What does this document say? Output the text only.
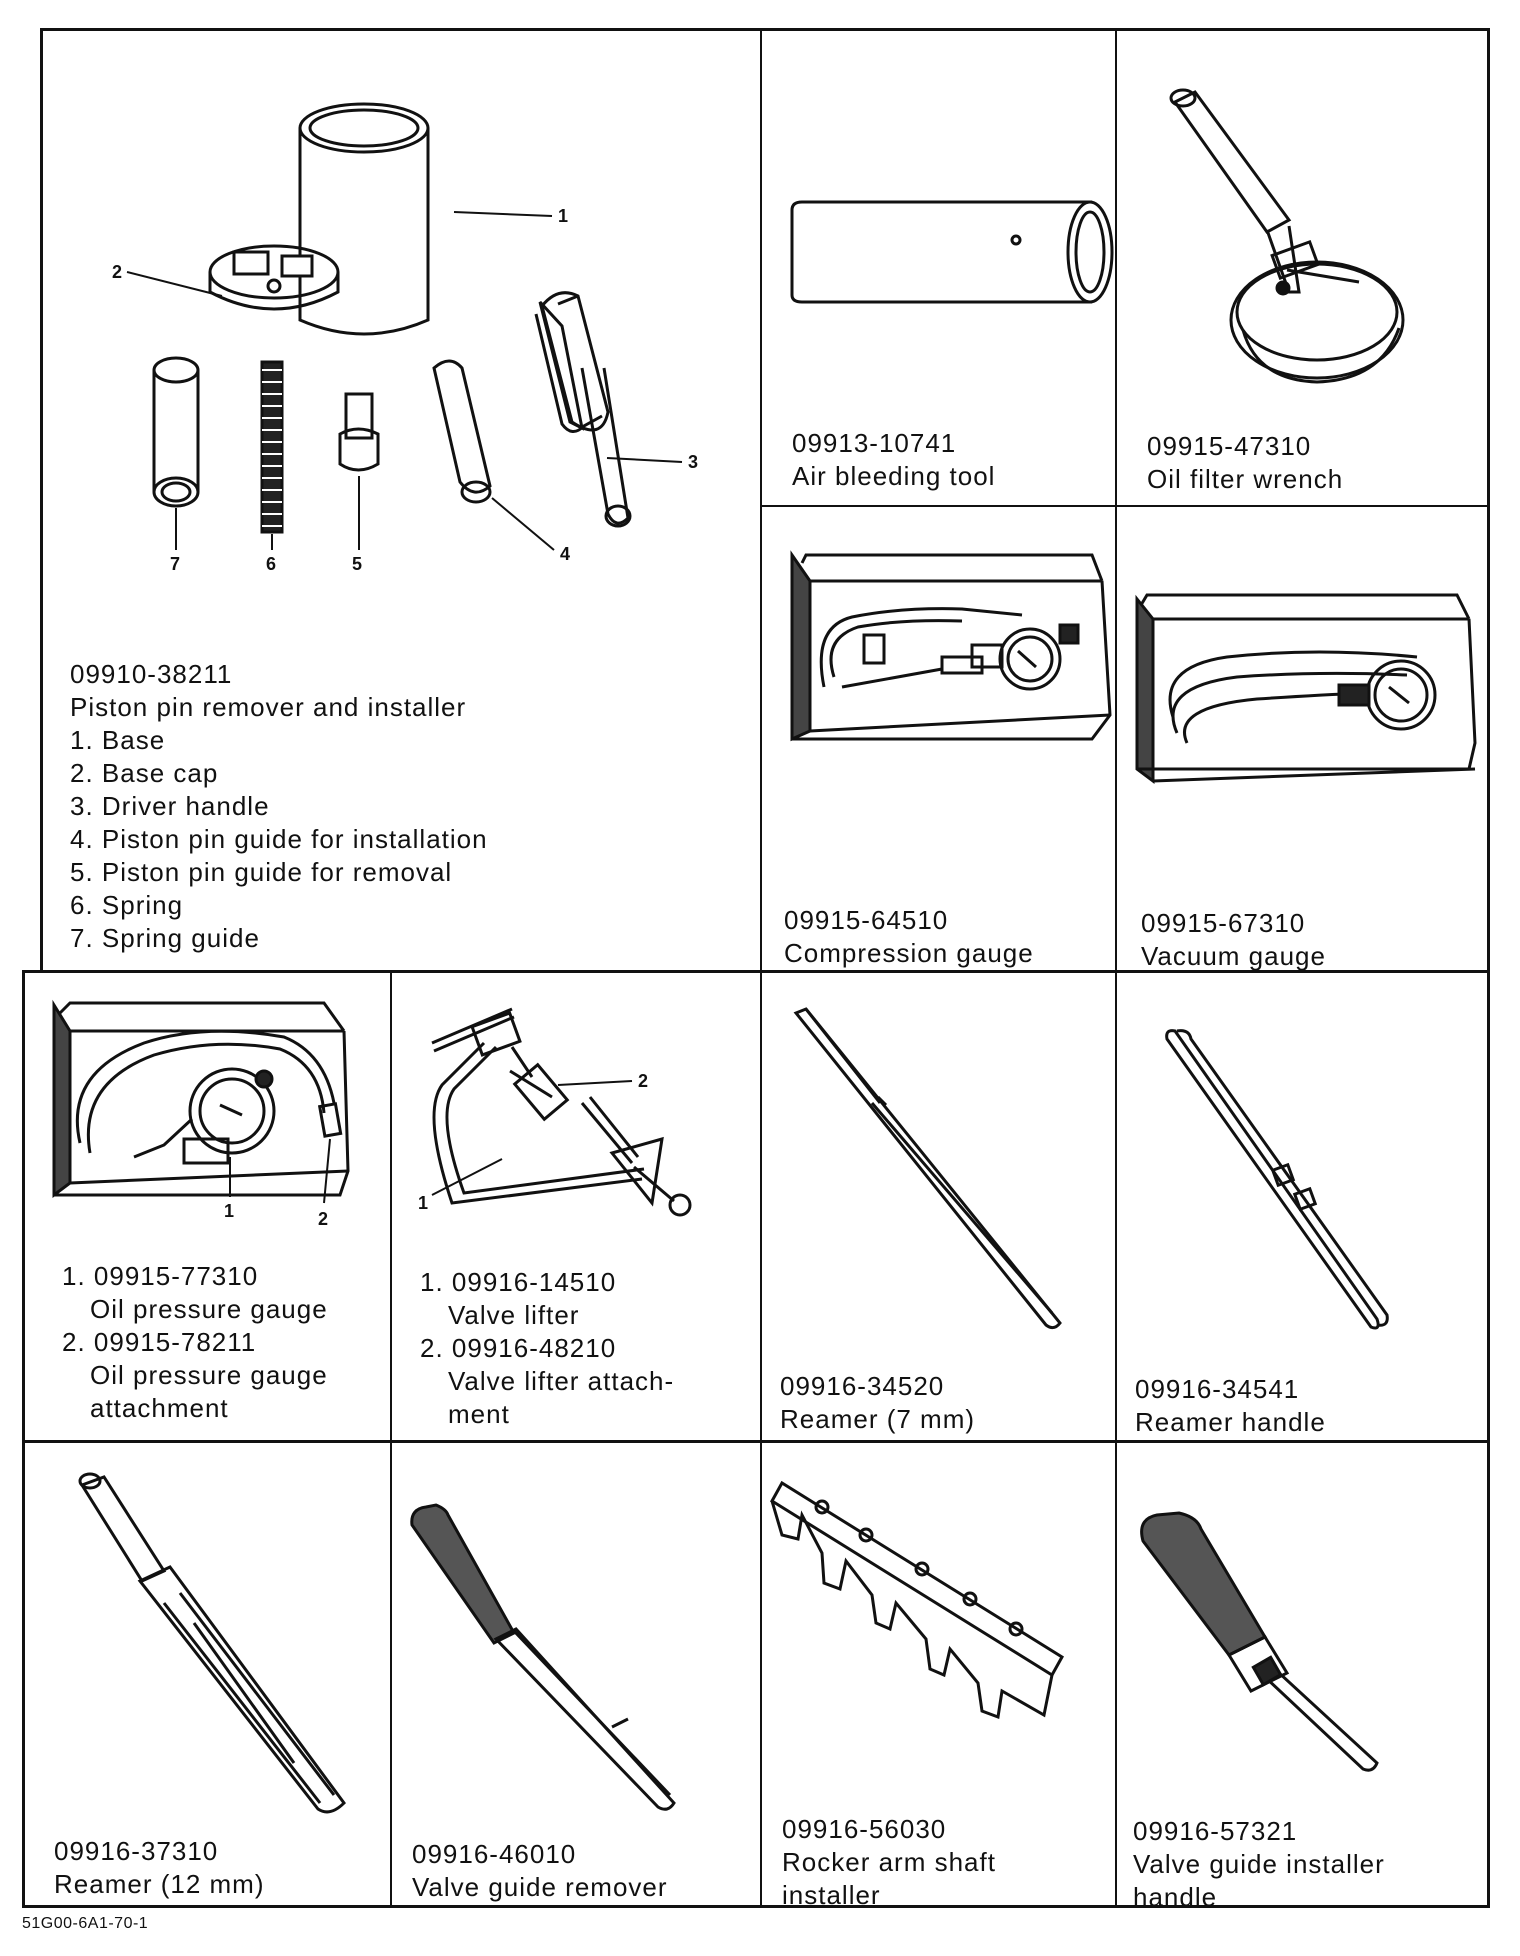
1
2
3
4
5
6
7
09910-38211
Piston pin remover and installer
1. Base
2. Base cap
3. Driver handle
4. Piston pin guide for installation
5. Piston pin guide for removal
6. Spring
7. Spring guide
09913-10741
Air bleeding tool
09915-47310
Oil filter wrench
09915-64510
Compression gauge
09915-67310
Vacuum gauge
1	2
1. 09915-77310
Oil pressure gauge
2. 09915-78211
Oil pressure gauge
attachment
2
1
1. 09916-14510
Valve lifter
2. 09916-48210
Valve lifter attach-
ment
09916-34520
Reamer (7 mm)
09916-34541
Reamer handle
09916-37310
Reamer (12 mm)
09916-46010
Valve guide remover
09916-56030
Rocker arm shaft
installer
09916-57321
Valve guide installer
handle
51G00-6A1-70-1
